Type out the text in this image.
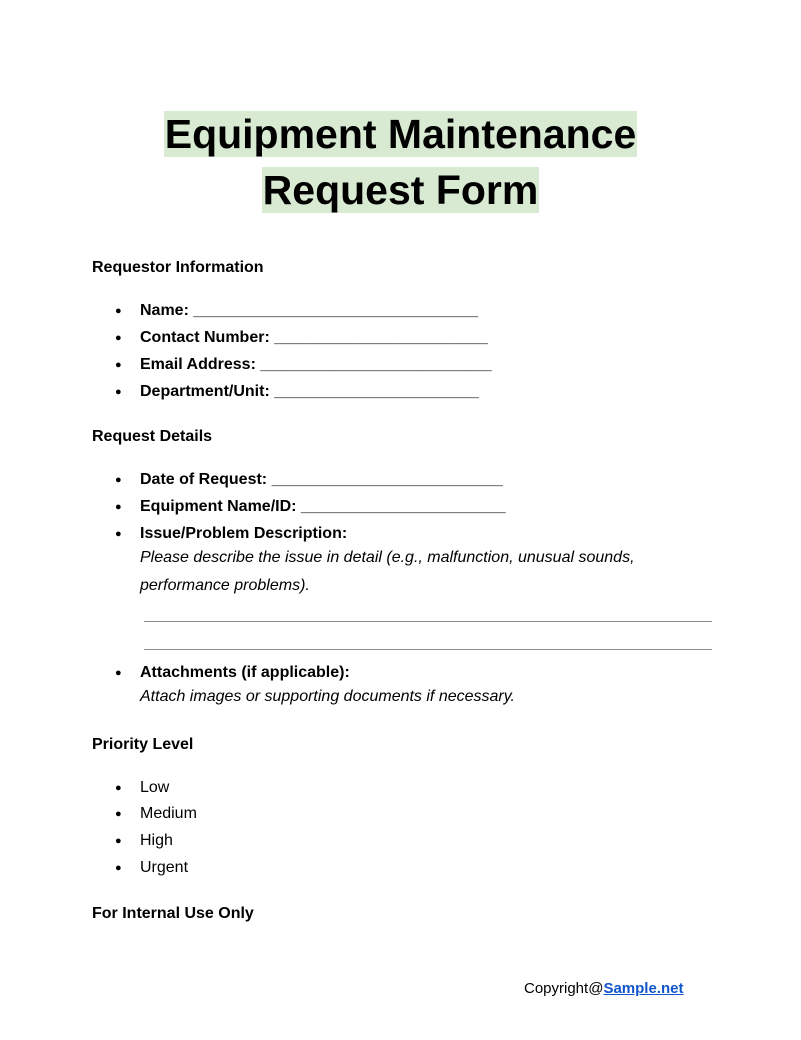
Equipment Maintenance
Request Form
Requestor Information
● Name: ________________________________
● Contact Number: ________________________
● Email Address: __________________________
● Department/Unit: _______________________
Request Details
● Date of Request: __________________________
● Equipment Name/ID: _______________________
● Issue/Problem Description:
Please describe the issue in detail (e.g., malfunction, unusual sounds, performance problems).
● Attachments (if applicable):
Attach images or supporting documents if necessary.
Priority Level
● Low
● Medium
● High
● Urgent
For Internal Use Only
Copyright@Sample.net
